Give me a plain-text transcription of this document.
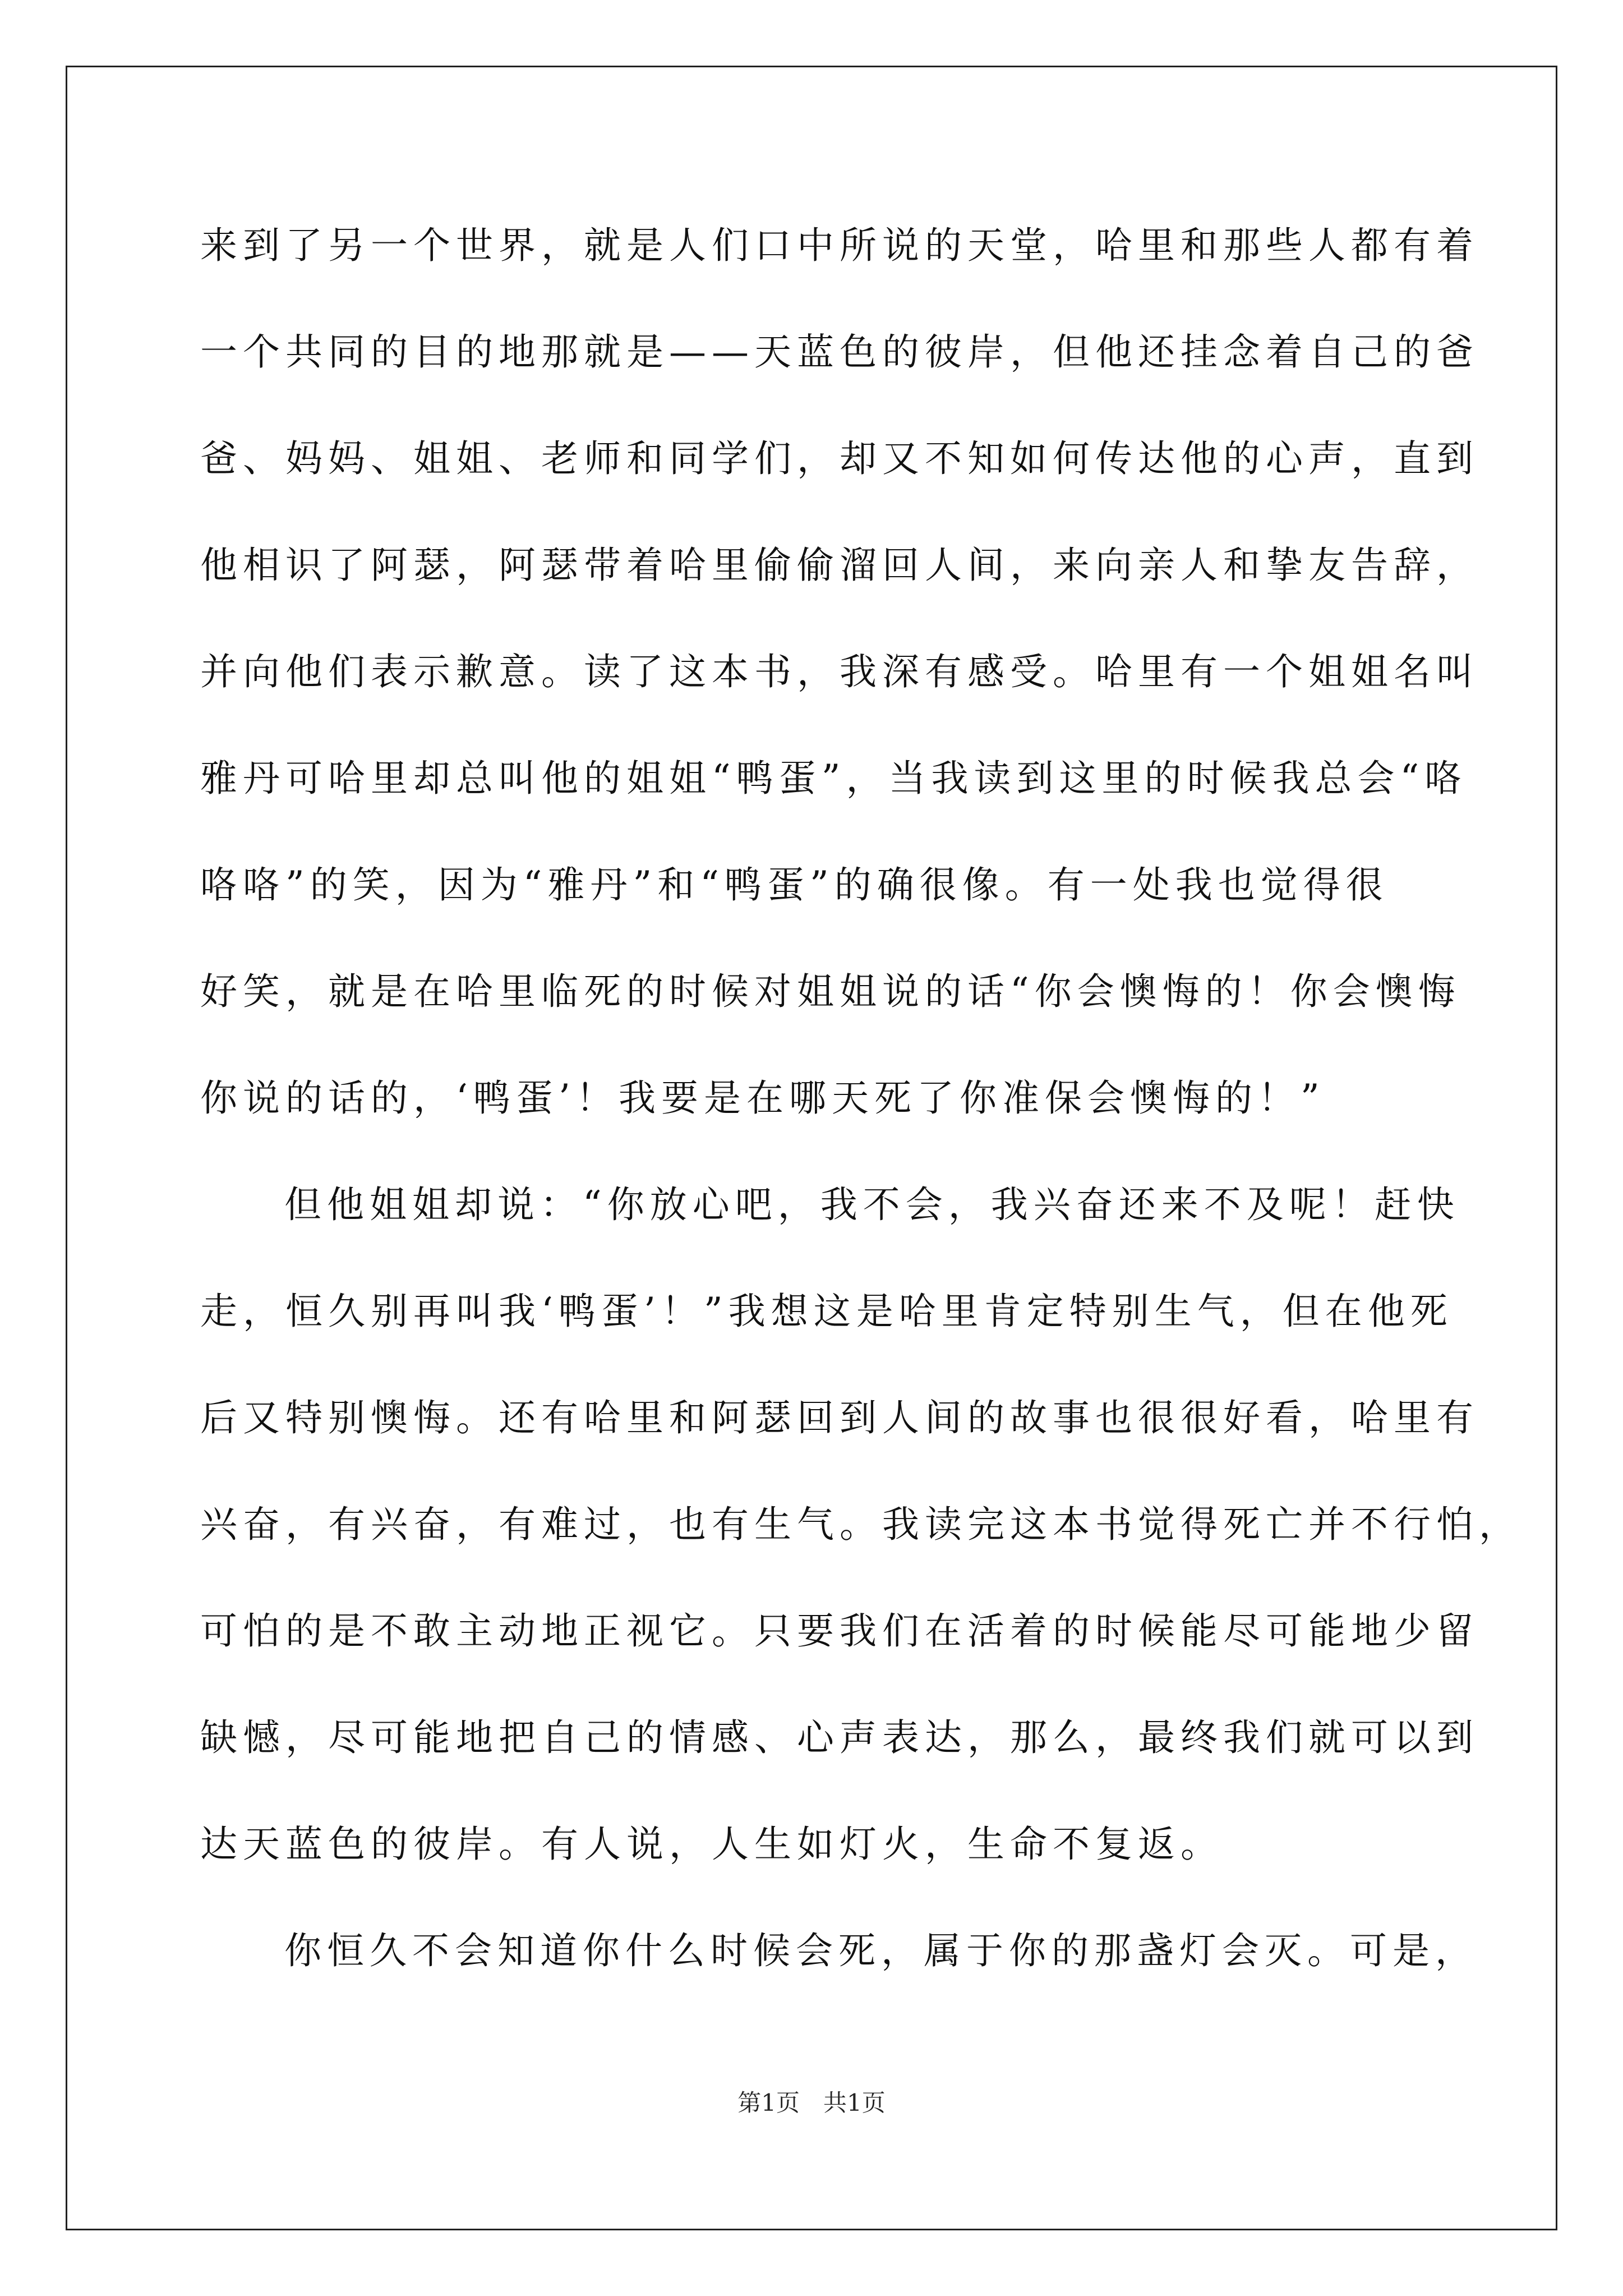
来到了另一个世界，就是人们口中所说的天堂，哈里和那些人都有着
一个共同的目的地那就是——天蓝色的彼岸，但他还挂念着自己的爸
爸、妈妈、姐姐、老师和同学们，却又不知如何传达他的心声，直到
他相识了阿瑟，阿瑟带着哈里偷偷溜回人间，来向亲人和挚友告辞，
并向他们表示歉意。读了这本书，我深有感受。哈里有一个姐姐名叫
雅丹可哈里却总叫他的姐姐“鸭蛋”，当我读到这里的时候我总会“咯
咯咯”的笑，因为“雅丹”和“鸭蛋”的确很像。有一处我也觉得很
好笑，就是在哈里临死的时候对姐姐说的话“你会懊悔的！你会懊悔
你说的话的，‘鸭蛋’！我要是在哪天死了你准保会懊悔的！”
但他姐姐却说：“你放心吧，我不会，我兴奋还来不及呢！赶快
走，恒久别再叫我‘鸭蛋’！”我想这是哈里肯定特别生气，但在他死
后又特别懊悔。还有哈里和阿瑟回到人间的故事也很很好看，哈里有
兴奋，有兴奋，有难过，也有生气。我读完这本书觉得死亡并不行怕，
可怕的是不敢主动地正视它。只要我们在活着的时候能尽可能地少留
缺憾，尽可能地把自己的情感、心声表达，那么，最终我们就可以到
达天蓝色的彼岸。有人说，人生如灯火，生命不复返。
你恒久不会知道你什么时候会死，属于你的那盏灯会灭。可是，
第1页　共1页
